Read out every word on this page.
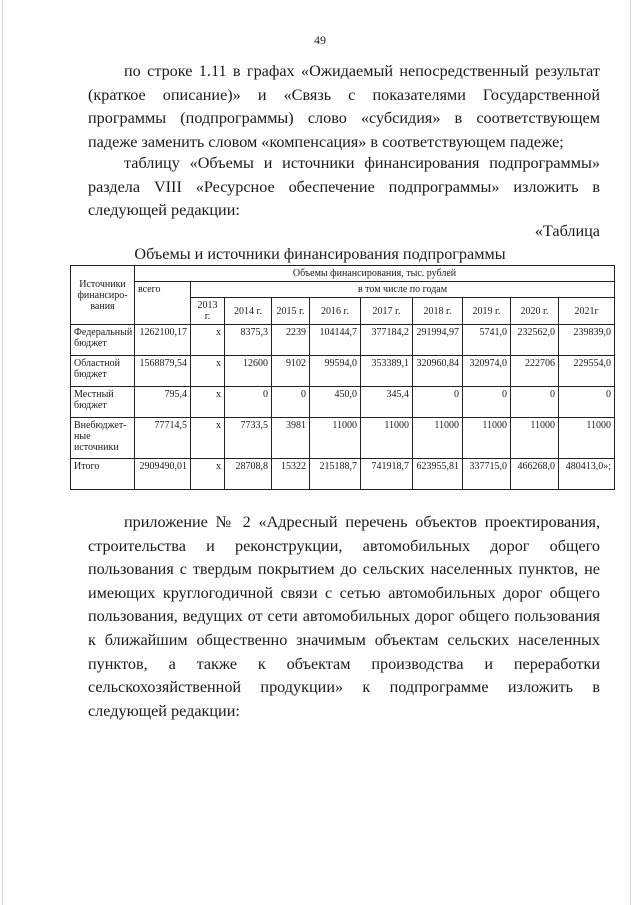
49

по строке 1.11 в графах «Ожидаемый непосредственный результат (краткое описание)» и «Связь с показателями Государственной программы (подпрограммы) слово «субсидия» в соответствующем падеже заменить словом «компенсация» в соответствующем падеже;

таблицу «Объемы и источники финансирования подпрограммы» раздела VIII «Ресурсное обеспечение подпрограммы» изложить в следующей редакции:

«Таблица
Объемы и источники финансирования подпрограммы
Источники финансиро-вания	Объемы финансирования, тыс. рублей									
	всего	в том числе по годам								
		2013 г.	2014 г.	2015 г.	2016 г.	2017 г.	2018 г.	2019 г.	2020 г.	2021г
Федеральный бюджет	1262100,17	x	8375,3	2239	104144,7	377184,2	291994,97	5741,0	232562,0	239839,0
Областной бюджет	1568879,54	x	12600	9102	99594,0	353389,1	320960,84	320974,0	222706	229554,0
Местный бюджет	795,4	x	0	0	450,0	345,4	0	0	0	0
Внебюджет-ные источники	77714,5	x	7733,5	3981	11000	11000	11000	11000	11000	11000
Итого	2909490,01	x	28708,8	15322	215188,7	741918,7	623955,81	337715,0	466268,0	480413,0»;

приложение № 2 «Адресный перечень объектов проектирования, строительства и реконструкции, автомобильных дорог общего пользования с твердым покрытием до сельских населенных пунктов, не имеющих круглогодичной связи с сетью автомобильных дорог общего пользования, ведущих от сети автомобильных дорог общего пользования к ближайшим общественно значимым объектам сельских населенных пунктов, а также к объектам производства и переработки сельскохозяйственной продукции» к подпрограмме изложить в следующей редакции:
